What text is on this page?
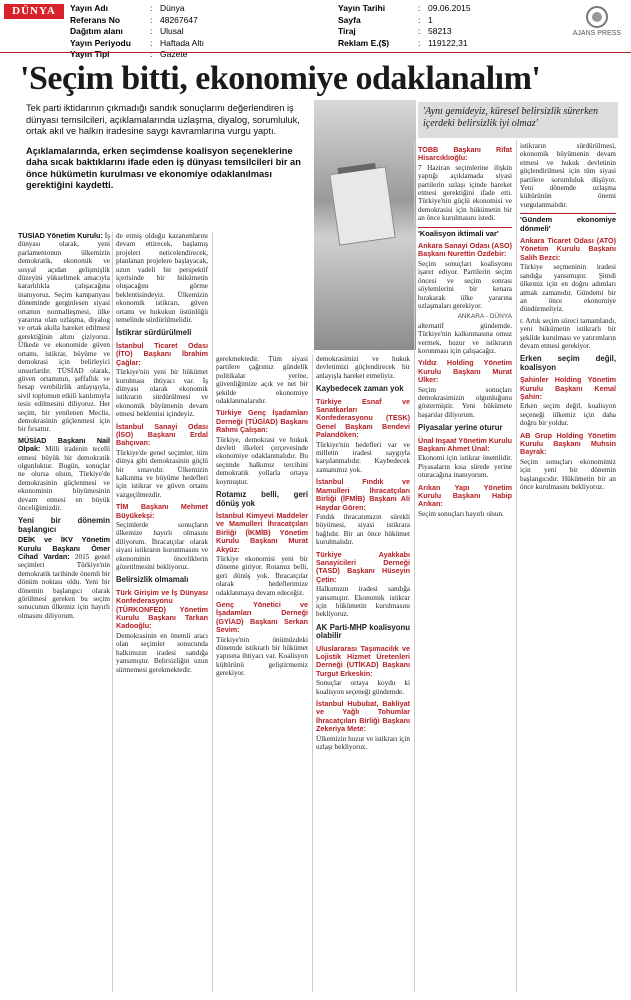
DÜNYA	Yayın Adı	: Dünya
Referans No	: 48267647
Dağıtım alanı	: Ulusal
Yayın Periyodu : Haftada Altı
Yayın Tipi	: Gazete
Yayın Tarihi	: 09.06.2015
Sayfa	: 1
Tiraj	: 58213
Reklam E.($)	: 119122,31
AJANS PRESS
'Seçim bitti, ekonomiye odaklanalım'

Tek parti iktidarının çıkmadığı sandık sonuçlarını değerlendiren iş dünyası temsilcileri, açıklamalarında uzlaşma, diyalog, sorumluluk, ortak akıl ve halkın iradesine saygı kavramlarına vurgu yaptı.

Açıklamalarında, erken seçimdense koalisyon seçeneklerine daha sıcak baktıklarını ifade eden iş dünyası temsilcileri bir an önce hükümetin kurulması ve ekonomiye odaklanılması gerektiğini kaydetti.

'Aynı gemideyiz, küresel belirsizlik sürerken içerdeki belirsizlik iyi olmaz'

TÜSİAD Yönetim Kurulu: İş dünyası olarak, yeni parlamentonun ülkemizin demokratik, ekonomik ve sosyal açıdan gelişmişlik düzeyini yükseltmek amacıyla kararlılıkla çalışacağına inanıyoruz. Seçim kampanyası döneminde gerginlesen siyasi ortamın normalleşmesi, ülke yararına olan uzlaşma, diyalog ve ortak akılla hareket edilmesi gerektiğinin altını çiziyoruz. Ülkede ve ekonomide güven ortamı, istikrar, büyüme ve demokrasi için belirleyici unsurlardır. TÜSİAD olarak, güven ortamının, şeffaflık ve hesap verebilirlik anlayışıyla, sivil toplumun etkili katılımıyla tesis edilmesini diliyoruz. Her seçim, bir yenilenen Meclis, demokrasinin güçlenmesi için bir fırsattır.

MÜSİAD Başkanı Nail Olpak: Milli iradenin tecelli etmesi büyük bir demokratik olgunluktur. Bugün, sonuçlar ne olursa olsun, Türkiye'de demokrasinin güçlenmesi ve ekonominin büyümesinin devam etmesi en büyük önceliğimizdir.

Yeni bir dönemin başlangıcı

DEİK ve İKV Yönetim Kurulu Başkanı Ömer Cihad Vardan: 2015 genel seçimleri Türkiye'nin demokratik tarihinde önemli bir dönüm noktası oldu. Yeni bir dönemin başlangıcı olarak görülmesi gereken bu seçim sonucunun ülkemiz için hayırlı olmasını diliyorum.

de etmiş olduğu kazanımlarını devam ettirecek, başlamış projeleri neticelendirecek, planlanan projelere başlayacak, uzun vadeli bir perspektif içerisinde bir hükümetin oluşacağını görme beklentisindeyiz. Ülkemizin ekonomik istikrarı, güven ortamı ve hukukun üstünlüğü temelinde sürdürülmelidir.

İstikrar sürdürülmeli
İstanbul Ticaret Odası (İTO) Başkanı İbrahim Çağlar:

Türkiye'nin yeni bir hükümet kurulması ihtiyacı var. İş dünyası olarak ekonomik istikrarın sürdürülmesi ve ekonomik büyümenin devam etmesi beklentisi içindeyiz.

İstanbul Sanayi Odası (İSO) Başkanı Erdal Bahçıvan:

Türkiye'de genel seçimler, tüm dünya gibi demokrasinin güçlü bir sınavıdır. Ülkemizin kalkınma ve büyüme hedefleri için istikrar ve güven ortamı vazgeçilmezdir.

TİM Başkanı Mehmet Büyükekşi:

Seçimlerde sonuçların ülkemize hayırlı olmasını diliyorum. İhracatçılar olarak siyasi istikrarın korunmasını ve ekonominin önceliklerin gözetilmesini bekliyoruz.

Belirsizlik olmamalı
Türk Girişim ve İş Dünyası Konfederasyonu (TÜRKONFED) Yönetim Kurulu Başkanı Tarkan Kadooğlu:

Demokrasinin en önemli aracı olan seçimler sonucunda halkımızın iradesi sandığa yansımıştır. Belirsizliğin uzun sürmemesi gerekmektedir.

gerekmektedir. Tüm siyasi partilere çağrımız gündelik politikalar yerine, güvenliğimize açık ve net bir şekilde ekonomiye odaklanmalarıdır.

Türkiye Genç İşadamları Derneği (TÜGİAD) Başkanı Rahmi Çalışan:

Türkiye, demokrasi ve hukuk devleti ilkeleri çerçevesinde ekonomiye odaklanmalıdır. Bu seçimde halkımız tercihini demokratik yollarla ortaya koymuştur.

Rotamız belli, geri dönüş yok
İstanbul Kimyevi Maddeler ve Mamulleri İhracatçıları Birliği (İKMİB) Yönetim Kurulu Başkanı Murat Akyüz:

Türkiye ekonomisi yeni bir döneme giriyor. Rotamız belli, geri dönüş yok. İhracatçılar olarak hedeflerimize odaklanmaya devam edeceğiz.

Genç Yönetici ve İşadamları Derneği (GYİAD) Başkanı Serkan Sevim:

Türkiye'nin önümüzdeki dönemde istikrarlı bir hükümet yapısına ihtiyacı var. Koalisyon kültürünü geliştirmemiz gerekiyor.

demokrasimizi ve hukuk devletimizi güçlendirecek bir anlayışla hareket etmeliyiz.

Kaybedecek zaman yok
Türkiye Esnaf ve Sanatkarları Konfederasyonu (TESK) Genel Başkanı Bendevi Palandöken:

Türkiye'nin hedefleri var ve milletin iradesi saygıyla karşılanmalıdır. Kaybedecek zamanımız yok.

İstanbul Fındık ve Mamulleri İhracatçıları Birliği (İFMİB) Başkanı Ali Haydar Gören:

Fındık ihracatımızın sürekli büyümesi, siyasi istikrara bağlıdır. Bir an önce hükümet kurulmalıdır.

Türkiye Ayakkabı Sanayicileri Derneği (TASD) Başkanı Hüseyin Çetin:

Halkımızın iradesi sandığa yansımıştır. Ekonomik istikrar için hükümetin kurulmasını bekliyoruz.

AK Parti-MHP koalisyonu olabilir
Uluslararası Taşımacılık ve Lojistik Hizmet Üretenleri Derneği (UTİKAD) Başkanı Turgut Erkeskin:

Sonuçlar ortaya koydu ki koalisyon seçeneği gündemde.

İstanbul Hububat, Bakliyat ve Yağlı Tohumlar İhracatçıları Birliği Başkanı Zekeriya Mete:

Ülkemizin huzur ve istikrarı için uzlaşı bekliyoruz.

TOBB Başkanı Rifat Hisarcıklıoğlu:

7 Haziran seçimlerine ilişkin yaptığı açıklamada siyasi partilerin uzlaşı içinde hareket etmesi gerektiğini ifade etti. Türkiye'nin güçlü ekonomisi ve demokrasisi için hükümetin bir an önce kurulmasını istedi.

'Koalisyon iktimali var'
Ankara Sanayi Odası (ASO) Başkanı Nurettin Özdebir:

Seçim sonuçları koalisyonu işaret ediyor. Partilerin seçim öncesi ve seçim sonrası söylemlerini bir kenara bırakarak ülke yararına uzlaşmaları gerekiyor.

ANKARA - DÜNYA

alternatif gündemde. Türkiye'nin kalkınmasına omuz vermek, huzur ve istikrarın korunması için çalışacağız.

Yıldız Holding Yönetim Kurulu Başkanı Murat Ülker:

Seçim sonuçları demokrasimizin olgunluğunu göstermiştir. Yeni hükümete başarılar diliyorum.

Piyasalar yerine oturur
Ünal Inşaat Yönetim Kurulu Başkanı Ahmet Ünal:

Ekonomi için istikrar önemlidir. Piyasaların kısa sürede yerine oturacağına inanıyorum.

Arıkan Yapı Yönetim Kurulu Başkanı Habip Arıkan:

Seçim sonuçları hayırlı olsun.

istikrarın sürdürülmesi, ekonomik büyümenin devam etmesi ve hukuk devletinin güçlendirilmesi için tüm siyasi partilere sorumluluk düşüyor. Yeni dönemde uzlaşma kültürünün önemi vurgulanmalıdır.

'Gündem ekonomiye dönmeli'
Ankara Ticaret Odası (ATO) Yönetim Kurulu Başkanı Salih Bezci:

Türkiye seçmeninin iradesi sandığa yansımıştır. Şimdi ülkemiz için en doğru adımları atmak zamanıdır. Gündemi bir an önce ekonomiye döndürmeliyiz.

r. Artık seçim süreci tamamlandı, yeni hükümetin istikrarlı bir şekilde kurulması ve yatırımların devam etmesi gerekiyor.

Erken seçim değil, koalisyon
Şahinler Holding Yönetim Kurulu Başkanı Kemal Şahin:

Erken seçim değil, koalisyon seçeneği ülkemiz için daha doğru bir yoldur.

AB Grup Holding Yönetim Kurulu Başkanı Muhsin Bayrak:

Seçim sonuçları ekonomimiz için yeni bir dönemin başlangıcıdır. Hükümetin bir an önce kurulmasını bekliyoruz.
